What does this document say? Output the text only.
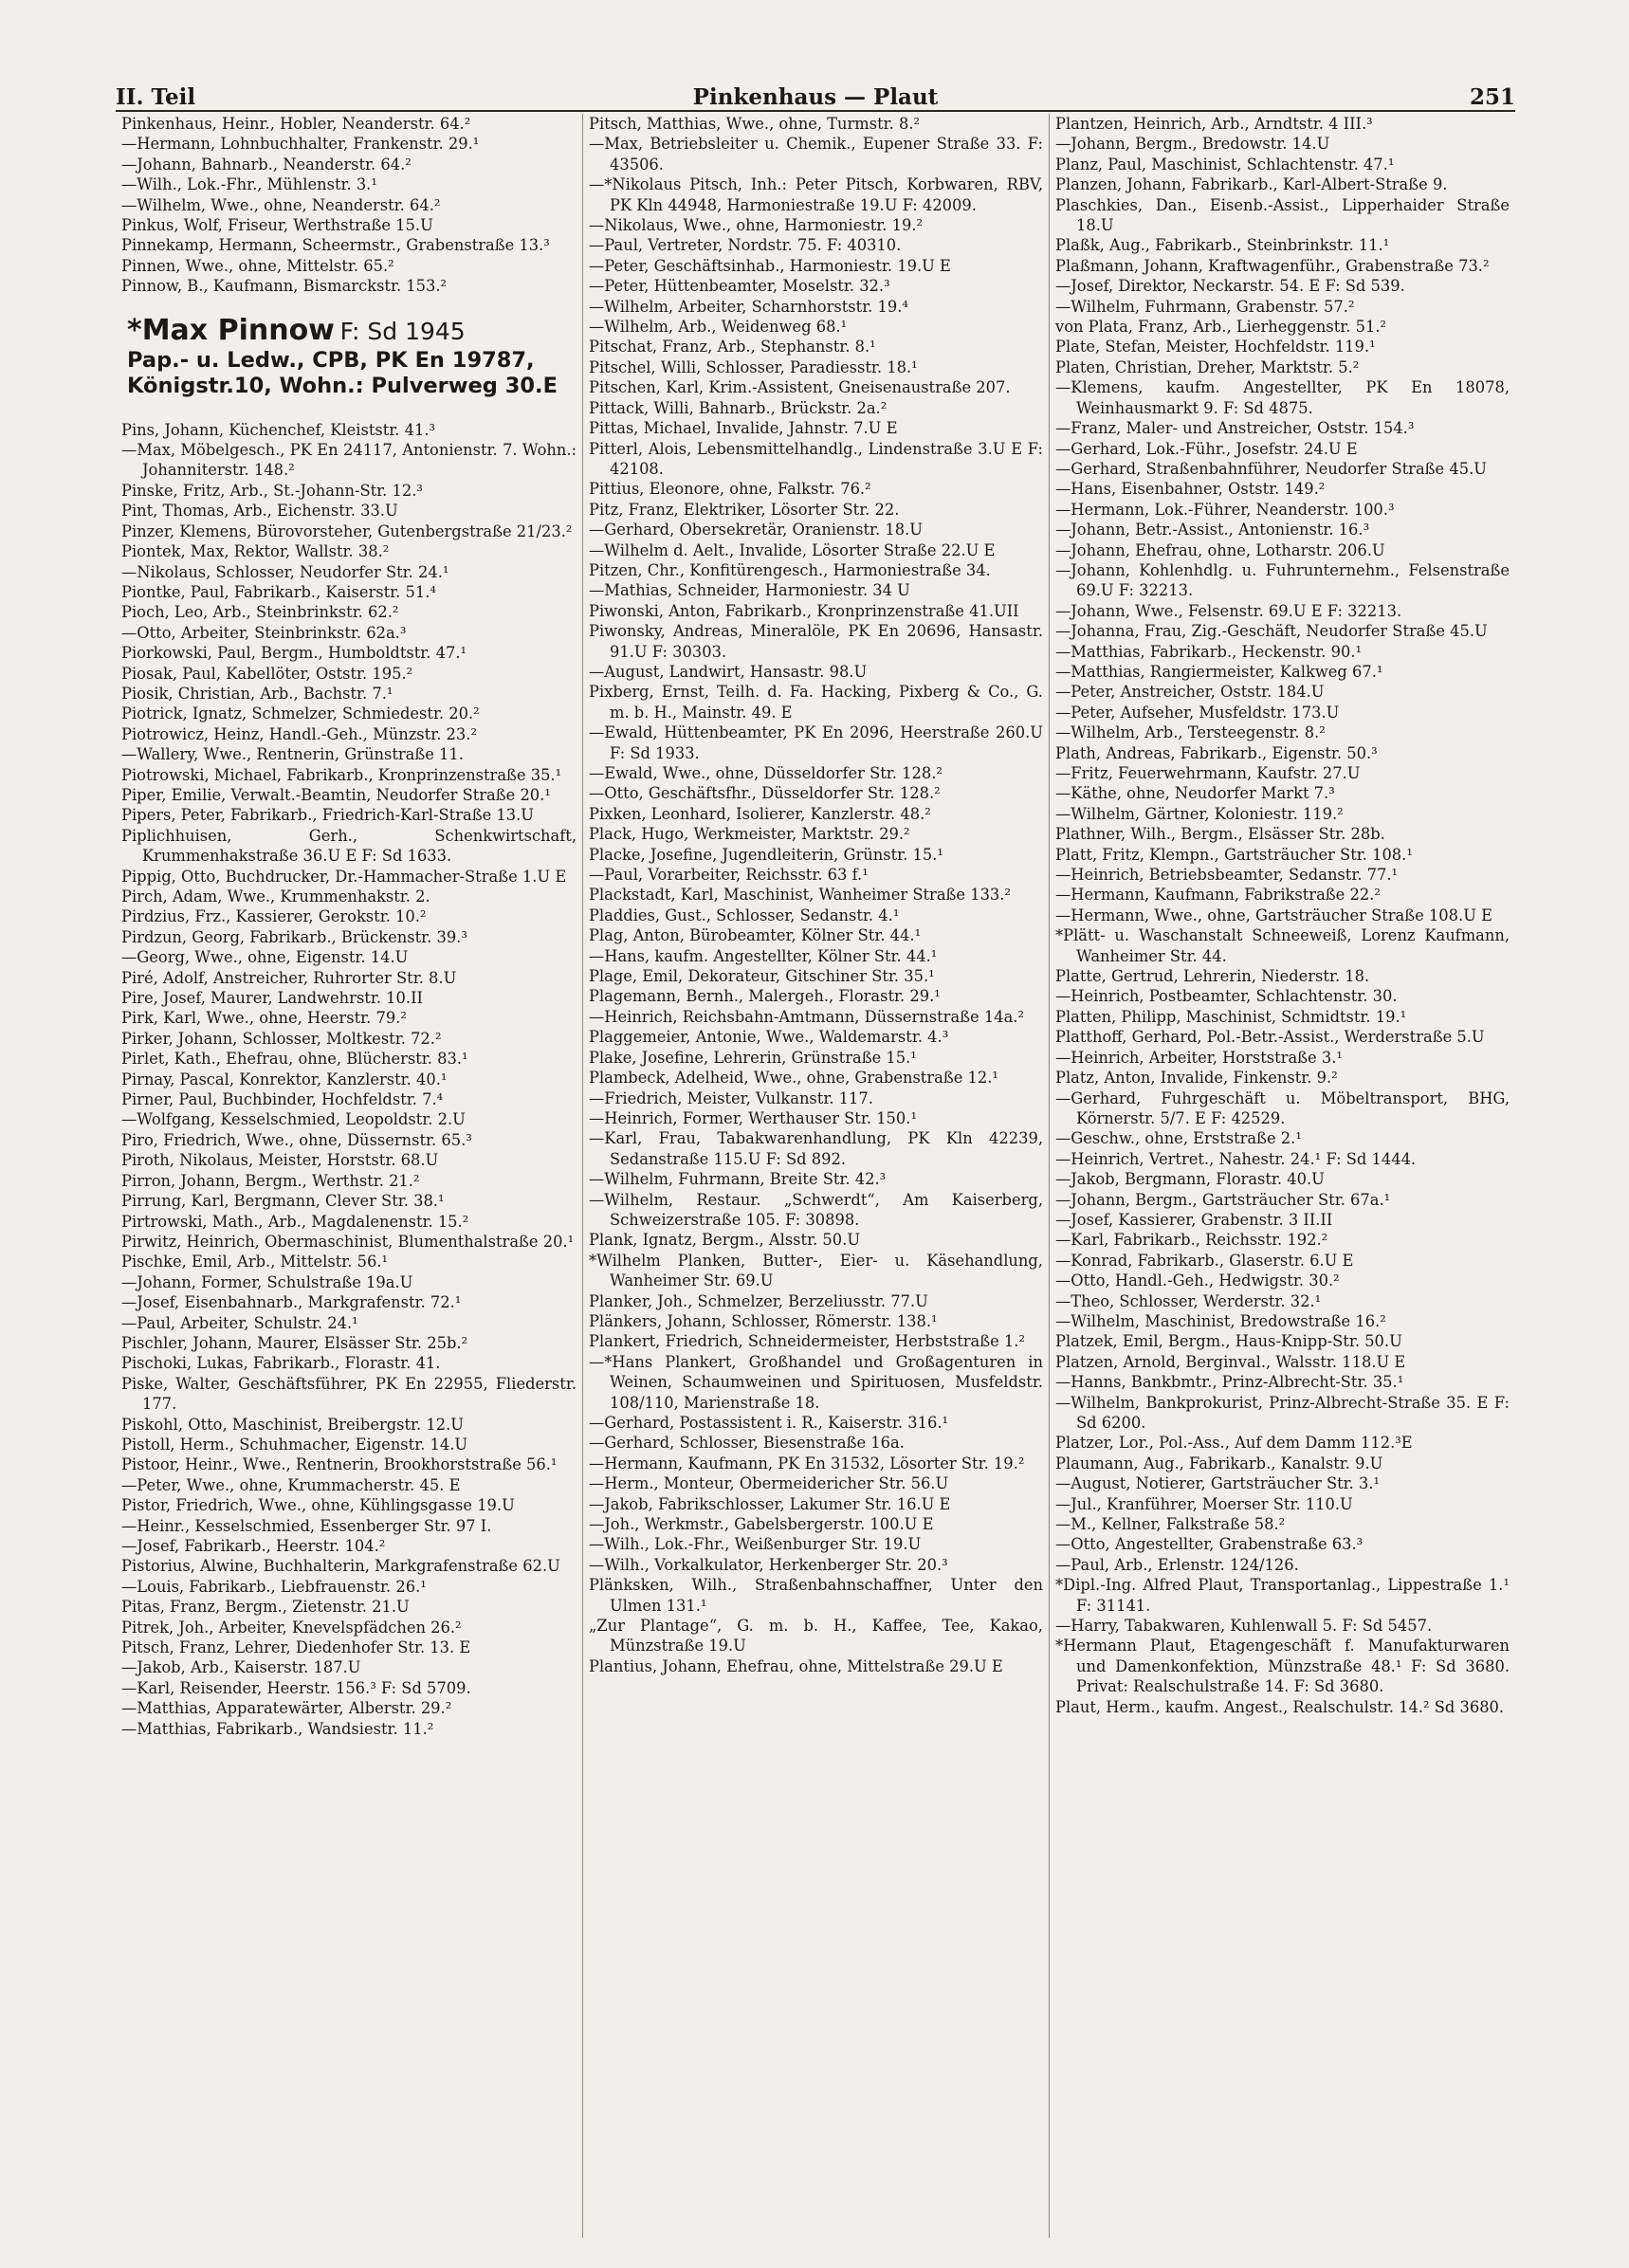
II. Teil	Pinkenhaus — Plaut	251
Pinkenhaus, Heinr., Hobler, Neanderstr. 64.²
—Hermann, Lohnbuchhalter, Frankenstr. 29.¹
—Johann, Bahnarb., Neanderstr. 64.²
—Wilh., Lok.-Fhr., Mühlenstr. 3.¹
—Wilhelm, Wwe., ohne, Neanderstr. 64.²
Pinkus, Wolf, Friseur, Werthstraße 15.U
Pinnekamp, Hermann, Scheermstr., Grabenstraße 13.³
Pinnen, Wwe., ohne, Mittelstr. 65.²
Pinnow, B., Kaufmann, Bismarckstr. 153.²
*Max Pinnow F: Sd 1945
Pap.- u. Ledw., CPB, PK En 19787,
Königstr.10, Wohn.: Pulverweg 30.E
Pins, Johann, Küchenchef, Kleiststr. 41.³
—Max, Möbelgesch., PK En 24117, Antonienstr. 7. Wohn.: Johanniterstr. 148.²
Pinske, Fritz, Arb., St.-Johann-Str. 12.³
Pint, Thomas, Arb., Eichenstr. 33.U
Pinzer, Klemens, Bürovorsteher, Gutenbergstraße 21/23.²
Piontek, Max, Rektor, Wallstr. 38.²
—Nikolaus, Schlosser, Neudorfer Str. 24.¹
Piontke, Paul, Fabrikarb., Kaiserstr. 51.⁴
Pioch, Leo, Arb., Steinbrinkstr. 62.²
—Otto, Arbeiter, Steinbrinkstr. 62a.³
Piorkowski, Paul, Bergm., Humboldtstr. 47.¹
Piosak, Paul, Kabellöter, Oststr. 195.²
Piosik, Christian, Arb., Bachstr. 7.¹
Piotrick, Ignatz, Schmelzer, Schmiedestr. 20.²
Piotrowicz, Heinz, Handl.-Geh., Münzstr. 23.²
—Wallery, Wwe., Rentnerin, Grünstraße 11.
Piotrowski, Michael, Fabrikarb., Kronprinzenstraße 35.¹
Piper, Emilie, Verwalt.-Beamtin, Neudorfer Straße 20.¹
Pipers, Peter, Fabrikarb., Friedrich-Karl-Straße 13.U
Piplichhuisen, Gerh., Schenkwirtschaft, Krummenhakstraße 36.U E F: Sd 1633.
Pippig, Otto, Buchdrucker, Dr.-Hammacher-Straße 1.U E
Pirch, Adam, Wwe., Krummenhakstr. 2.
Pirdzius, Frz., Kassierer, Gerokstr. 10.²
Pirdzun, Georg, Fabrikarb., Brückenstr. 39.³
—Georg, Wwe., ohne, Eigenstr. 14.U
Piré, Adolf, Anstreicher, Ruhrorter Str. 8.U
Pire, Josef, Maurer, Landwehrstr. 10.II
Pirk, Karl, Wwe., ohne, Heerstr. 79.²
Pirker, Johann, Schlosser, Moltkestr. 72.²
Pirlet, Kath., Ehefrau, ohne, Blücherstr. 83.¹
Pirnay, Pascal, Konrektor, Kanzlerstr. 40.¹
Pirner, Paul, Buchbinder, Hochfeldstr. 7.⁴
—Wolfgang, Kesselschmied, Leopoldstr. 2.U
Piro, Friedrich, Wwe., ohne, Düssernstr. 65.³
Piroth, Nikolaus, Meister, Horststr. 68.U
Pirron, Johann, Bergm., Werthstr. 21.²
Pirrung, Karl, Bergmann, Clever Str. 38.¹
Pirtrowski, Math., Arb., Magdalenenstr. 15.²
Pirwitz, Heinrich, Obermaschinist, Blumenthalstraße 20.¹
Pischke, Emil, Arb., Mittelstr. 56.¹
—Johann, Former, Schulstraße 19a.U
—Josef, Eisenbahnarb., Markgrafenstr. 72.¹
—Paul, Arbeiter, Schulstr. 24.¹
Pischler, Johann, Maurer, Elsässer Str. 25b.²
Pischoki, Lukas, Fabrikarb., Florastr. 41.
Piske, Walter, Geschäftsführer, PK En 22955, Fliederstr. 177.
Piskohl, Otto, Maschinist, Breibergstr. 12.U
Pistoll, Herm., Schuhmacher, Eigenstr. 14.U
Pistoor, Heinr., Wwe., Rentnerin, Brookhorststraße 56.¹
—Peter, Wwe., ohne, Krummacherstr. 45. E
Pistor, Friedrich, Wwe., ohne, Kühlingsgasse 19.U
—Heinr., Kesselschmied, Essenberger Str. 97 I.
—Josef, Fabrikarb., Heerstr. 104.²
Pistorius, Alwine, Buchhalterin, Markgrafenstraße 62.U
—Louis, Fabrikarb., Liebfrauenstr. 26.¹
Pitas, Franz, Bergm., Zietenstr. 21.U
Pitrek, Joh., Arbeiter, Knevelspfädchen 26.²
Pitsch, Franz, Lehrer, Diedenhofer Str. 13. E
—Jakob, Arb., Kaiserstr. 187.U
—Karl, Reisender, Heerstr. 156.³ F: Sd 5709.
—Matthias, Apparatewärter, Alberstr. 29.²
—Matthias, Fabrikarb., Wandsiestr. 11.²
Pitsch, Matthias, Wwe., ohne, Turmstr. 8.²
—Max, Betriebsleiter u. Chemik., Eupener Straße 33. F: 43506.
—*Nikolaus Pitsch, Inh.: Peter Pitsch, Korbwaren, RBV, PK Kln 44948, Harmoniestraße 19.U F: 42009.
—Nikolaus, Wwe., ohne, Harmoniestr. 19.²
—Paul, Vertreter, Nordstr. 75. F: 40310.
—Peter, Geschäftsinhab., Harmoniestr. 19.U E
—Peter, Hüttenbeamter, Moselstr. 32.³
—Wilhelm, Arbeiter, Scharnhorststr. 19.⁴
—Wilhelm, Arb., Weidenweg 68.¹
Pitschat, Franz, Arb., Stephanstr. 8.¹
Pitschel, Willi, Schlosser, Paradiesstr. 18.¹
Pitschen, Karl, Krim.-Assistent, Gneisenaustraße 207.
Pittack, Willi, Bahnarb., Brückstr. 2a.²
Pittas, Michael, Invalide, Jahnstr. 7.U E
Pitterl, Alois, Lebensmittelhandlg., Lindenstraße 3.U E F: 42108.
Pittius, Eleonore, ohne, Falkstr. 76.²
Pitz, Franz, Elektriker, Lösorter Str. 22.
—Gerhard, Obersekretär, Oranienstr. 18.U
—Wilhelm d. Aelt., Invalide, Lösorter Straße 22.U E
Pitzen, Chr., Konfitürengesch., Harmoniestraße 34.
—Mathias, Schneider, Harmoniestr. 34 U
Piwonski, Anton, Fabrikarb., Kronprinzenstraße 41.UII
Piwonsky, Andreas, Mineralöle, PK En 20696, Hansastr. 91.U F: 30303.
—August, Landwirt, Hansastr. 98.U
Pixberg, Ernst, Teilh. d. Fa. Hacking, Pixberg & Co., G. m. b. H., Mainstr. 49. E
—Ewald, Hüttenbeamter, PK En 2096, Heerstraße 260.U F: Sd 1933.
—Ewald, Wwe., ohne, Düsseldorfer Str. 128.²
—Otto, Geschäftsfhr., Düsseldorfer Str. 128.²
Pixken, Leonhard, Isolierer, Kanzlerstr. 48.²
Plack, Hugo, Werkmeister, Marktstr. 29.²
Placke, Josefine, Jugendleiterin, Grünstr. 15.¹
—Paul, Vorarbeiter, Reichsstr. 63 f.¹
Plackstadt, Karl, Maschinist, Wanheimer Straße 133.²
Pladdies, Gust., Schlosser, Sedanstr. 4.¹
Plag, Anton, Bürobeamter, Kölner Str. 44.¹
—Hans, kaufm. Angestellter, Kölner Str. 44.¹
Plage, Emil, Dekorateur, Gitschiner Str. 35.¹
Plagemann, Bernh., Malergeh., Florastr. 29.¹
—Heinrich, Reichsbahn-Amtmann, Düssernstraße 14a.²
Plaggemeier, Antonie, Wwe., Waldemarstr. 4.³
Plake, Josefine, Lehrerin, Grünstraße 15.¹
Plambeck, Adelheid, Wwe., ohne, Grabenstraße 12.¹
—Friedrich, Meister, Vulkanstr. 117.
—Heinrich, Former, Werthauser Str. 150.¹
—Karl, Frau, Tabakwarenhandlung, PK Kln 42239, Sedanstraße 115.U F: Sd 892.
—Wilhelm, Fuhrmann, Breite Str. 42.³
—Wilhelm, Restaur. „Schwerdt“, Am Kaiserberg, Schweizerstraße 105. F: 30898.
Plank, Ignatz, Bergm., Alsstr. 50.U
*Wilhelm Planken, Butter-, Eier- u. Käsehandlung, Wanheimer Str. 69.U
Planker, Joh., Schmelzer, Berzeliusstr. 77.U
Plänkers, Johann, Schlosser, Römerstr. 138.¹
Plankert, Friedrich, Schneidermeister, Herbststraße 1.²
—*Hans Plankert, Großhandel und Großagenturen in Weinen, Schaumweinen und Spirituosen, Musfeldstr. 108/110, Marienstraße 18.
—Gerhard, Postassistent i. R., Kaiserstr. 316.¹
—Gerhard, Schlosser, Biesenstraße 16a.
—Hermann, Kaufmann, PK En 31532, Lösorter Str. 19.²
—Herm., Monteur, Obermeidericher Str. 56.U
—Jakob, Fabrikschlosser, Lakumer Str. 16.U E
—Joh., Werkmstr., Gabelsbergerstr. 100.U E
—Wilh., Lok.-Fhr., Weißenburger Str. 19.U
—Wilh., Vorkalkulator, Herkenberger Str. 20.³
Plänksken, Wilh., Straßenbahnschaffner, Unter den Ulmen 131.¹
„Zur Plantage“, G. m. b. H., Kaffee, Tee, Kakao, Münzstraße 19.U
Plantius, Johann, Ehefrau, ohne, Mittelstraße 29.U E
Plantzen, Heinrich, Arb., Arndtstr. 4 III.³
—Johann, Bergm., Bredowstr. 14.U
Planz, Paul, Maschinist, Schlachtenstr. 47.¹
Planzen, Johann, Fabrikarb., Karl-Albert-Straße 9.
Plaschkies, Dan., Eisenb.-Assist., Lipperhaider Straße 18.U
Plaßk, Aug., Fabrikarb., Steinbrinkstr. 11.¹
Plaßmann, Johann, Kraftwagenführ., Grabenstraße 73.²
—Josef, Direktor, Neckarstr. 54. E F: Sd 539.
—Wilhelm, Fuhrmann, Grabenstr. 57.²
von Plata, Franz, Arb., Lierheggenstr. 51.²
Plate, Stefan, Meister, Hochfeldstr. 119.¹
Platen, Christian, Dreher, Marktstr. 5.²
—Klemens, kaufm. Angestellter, PK En 18078, Weinhausmarkt 9. F: Sd 4875.
—Franz, Maler- und Anstreicher, Oststr. 154.³
—Gerhard, Lok.-Führ., Josefstr. 24.U E
—Gerhard, Straßenbahnführer, Neudorfer Straße 45.U
—Hans, Eisenbahner, Oststr. 149.²
—Hermann, Lok.-Führer, Neanderstr. 100.³
—Johann, Betr.-Assist., Antonienstr. 16.³
—Johann, Ehefrau, ohne, Lotharstr. 206.U
—Johann, Kohlenhdlg. u. Fuhrunternehm., Felsenstraße 69.U F: 32213.
—Johann, Wwe., Felsenstr. 69.U E F: 32213.
—Johanna, Frau, Zig.-Geschäft, Neudorfer Straße 45.U
—Matthias, Fabrikarb., Heckenstr. 90.¹
—Matthias, Rangiermeister, Kalkweg 67.¹
—Peter, Anstreicher, Oststr. 184.U
—Peter, Aufseher, Musfeldstr. 173.U
—Wilhelm, Arb., Tersteegenstr. 8.²
Plath, Andreas, Fabrikarb., Eigenstr. 50.³
—Fritz, Feuerwehrmann, Kaufstr. 27.U
—Käthe, ohne, Neudorfer Markt 7.³
—Wilhelm, Gärtner, Koloniestr. 119.²
Plathner, Wilh., Bergm., Elsässer Str. 28b.
Platt, Fritz, Klempn., Gartsträucher Str. 108.¹
—Heinrich, Betriebsbeamter, Sedanstr. 77.¹
—Hermann, Kaufmann, Fabrikstraße 22.²
—Hermann, Wwe., ohne, Gartsträucher Straße 108.U E
*Plätt- u. Waschanstalt Schneeweiß, Lorenz Kaufmann, Wanheimer Str. 44.
Platte, Gertrud, Lehrerin, Niederstr. 18.
—Heinrich, Postbeamter, Schlachtenstr. 30.
Platten, Philipp, Maschinist, Schmidtstr. 19.¹
Platthoff, Gerhard, Pol.-Betr.-Assist., Werderstraße 5.U
—Heinrich, Arbeiter, Horststraße 3.¹
Platz, Anton, Invalide, Finkenstr. 9.²
—Gerhard, Fuhrgeschäft u. Möbeltransport, BHG, Körnerstr. 5/7. E F: 42529.
—Geschw., ohne, Erststraße 2.¹
—Heinrich, Vertret., Nahestr. 24.¹ F: Sd 1444.
—Jakob, Bergmann, Florastr. 40.U
—Johann, Bergm., Gartsträucher Str. 67a.¹
—Josef, Kassierer, Grabenstr. 3 II.II
—Karl, Fabrikarb., Reichsstr. 192.²
—Konrad, Fabrikarb., Glaserstr. 6.U E
—Otto, Handl.-Geh., Hedwigstr. 30.²
—Theo, Schlosser, Werderstr. 32.¹
—Wilhelm, Maschinist, Bredowstraße 16.²
Platzek, Emil, Bergm., Haus-Knipp-Str. 50.U
Platzen, Arnold, Berginval., Walsstr. 118.U E
—Hanns, Bankbmtr., Prinz-Albrecht-Str. 35.¹
—Wilhelm, Bankprokurist, Prinz-Albrecht-Straße 35. E F: Sd 6200.
Platzer, Lor., Pol.-Ass., Auf dem Damm 112.³E
Plaumann, Aug., Fabrikarb., Kanalstr. 9.U
—August, Notierer, Gartsträucher Str. 3.¹
—Jul., Kranführer, Moerser Str. 110.U
—M., Kellner, Falkstraße 58.²
—Otto, Angestellter, Grabenstraße 63.³
—Paul, Arb., Erlenstr. 124/126.
*Dipl.-Ing. Alfred Plaut, Transportanlag., Lippestraße 1.¹ F: 31141.
—Harry, Tabakwaren, Kuhlenwall 5. F: Sd 5457.
*Hermann Plaut, Etagengeschäft f. Manufakturwaren und Damenkonfektion, Münzstraße 48.¹ F: Sd 3680. Privat: Realschulstraße 14. F: Sd 3680.
Plaut, Herm., kaufm. Angest., Realschulstr. 14.² Sd 3680.
